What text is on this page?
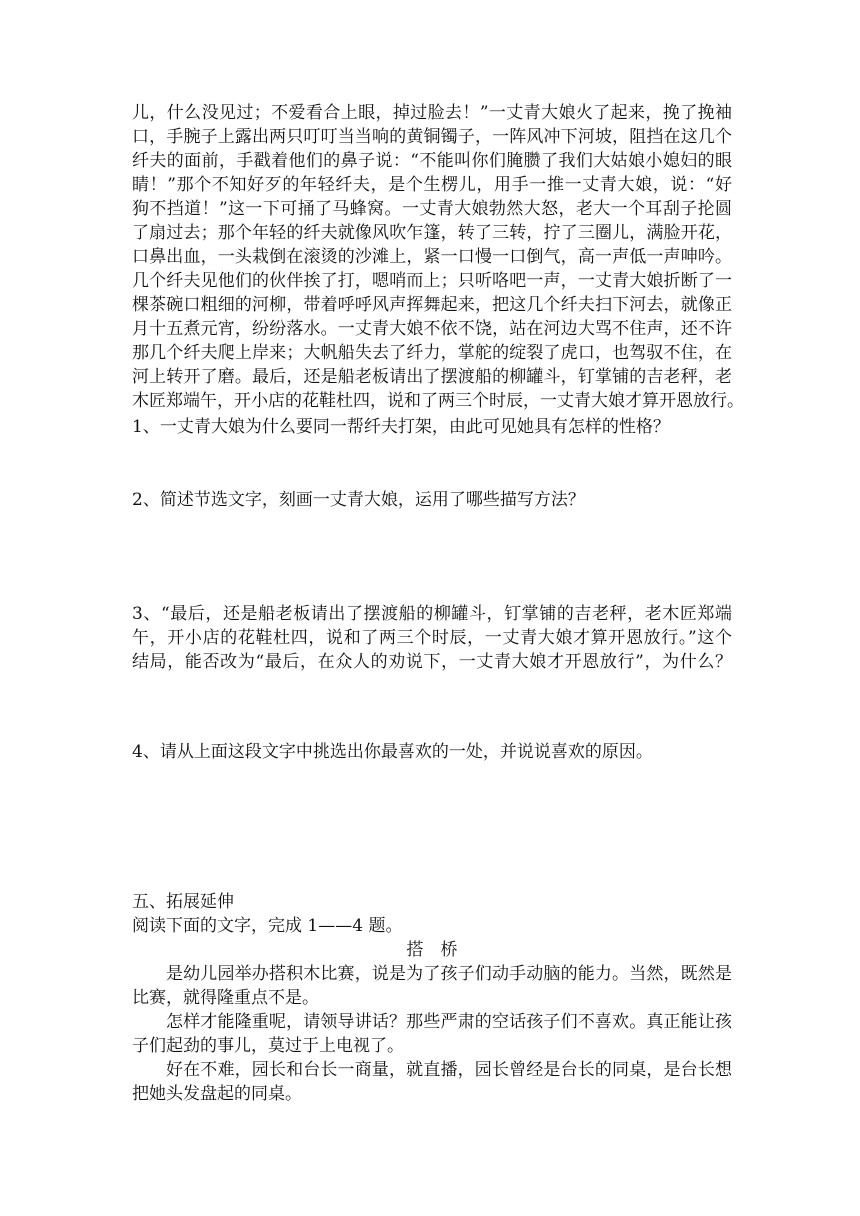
儿，什么没见过；不爱看合上眼，掉过脸去！”一丈青大娘火了起来，挽了挽袖
口，手腕子上露出两只叮叮当当响的黄铜镯子，一阵风冲下河坡，阻挡在这几个
纤夫的面前，手戳着他们的鼻子说：“不能叫你们腌臜了我们大姑娘小媳妇的眼
睛！”那个不知好歹的年轻纤夫，是个生楞儿，用手一推一丈青大娘，说：“好
狗不挡道！”这一下可捅了马蜂窝。一丈青大娘勃然大怒，老大一个耳刮子抡圆
了扇过去；那个年轻的纤夫就像风吹乍篷，转了三转，拧了三圈儿，满脸开花，
口鼻出血，一头栽倒在滚烫的沙滩上，紧一口慢一口倒气，高一声低一声呻吟。
几个纤夫见他们的伙伴挨了打，嗯哨而上；只听咯吧一声，一丈青大娘折断了一
棵茶碗口粗细的河柳，带着呼呼风声挥舞起来，把这几个纤夫扫下河去，就像正
月十五煮元宵，纷纷落水。一丈青大娘不依不饶，站在河边大骂不住声，还不许
那几个纤夫爬上岸来；大帆船失去了纤力，掌舵的绽裂了虎口，也驾驭不住，在
河上转开了磨。最后，还是船老板请出了摆渡船的柳罐斗，钉掌铺的吉老秤，老
木匠郑端午，开小店的花鞋杜四，说和了两三个时辰，一丈青大娘才算开恩放行。
1、一丈青大娘为什么要同一帮纤夫打架，由此可见她具有怎样的性格？
2、简述节选文字，刻画一丈青大娘，运用了哪些描写方法？
3、“最后，还是船老板请出了摆渡船的柳罐斗，钉掌铺的吉老秤，老木匠郑端
午，开小店的花鞋杜四，说和了两三个时辰，一丈青大娘才算开恩放行。”这个
结局，能否改为“最后，在众人的劝说下，一丈青大娘才开恩放行”，为什么？
4、请从上面这段文字中挑选出你最喜欢的一处，并说说喜欢的原因。
五、拓展延伸
阅读下面的文字，完成 1——4 题。
搭　桥
是幼儿园举办搭积木比赛，说是为了孩子们动手动脑的能力。当然，既然是
比赛，就得隆重点不是。
怎样才能隆重呢，请领导讲话？那些严肃的空话孩子们不喜欢。真正能让孩
子们起劲的事儿，莫过于上电视了。
好在不难，园长和台长一商量，就直播，园长曾经是台长的同桌，是台长想
把她头发盘起的同桌。
